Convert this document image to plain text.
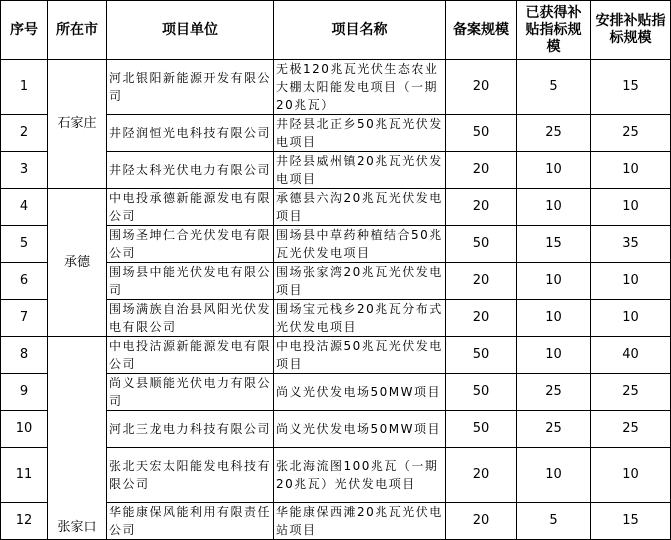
序号	所在市	项目单位	项目名称	备案规模	已获得补贴指标规模	安排补贴指标规模
1	石家庄	河北银阳新能源开发有限公司	无极120兆瓦光伏生态农业大棚太阳能发电项目（一期20兆瓦）	20	5	15
2		井陉润恒光电科技有限公司	井陉县北正乡50兆瓦光伏发电项目	50	25	25
3		井陉太科光伏电力有限公司	井陉县威州镇20兆瓦光伏发电项目	20	10	10
4	承德	中电投承德新能源发电有限公司	承德县六沟20兆瓦光伏发电项目	20	10	10
5		围场圣坤仁合光伏发电有限公司	围场县中草药种植结合50兆瓦光伏发电项目	50	15	35
6		围场县中能光伏发电有限公司	围场张家湾20兆瓦光伏发电项目	20	10	10
7		围场满族自治县风阳光伏发电有限公司	围场宝元栈乡20兆瓦分布式光伏发电项目	20	10	10
8	张家口	中电投沽源新能源发电有限公司	中电投沽源50兆瓦光伏发电项目	50	10	40
9		尚义县顺能光伏电力有限公司	尚义光伏发电场50MW项目	50	25	25
10		河北三龙电力科技有限公司	尚义光伏发电场50MW项目	50	25	25
11		张北天宏太阳能发电科技有限公司	张北海流图100兆瓦（一期20兆瓦）光伏发电项目	20	10	10
12		华能康保风能利用有限责任公司	华能康保西滩20兆瓦光伏电站项目	20	5	15
